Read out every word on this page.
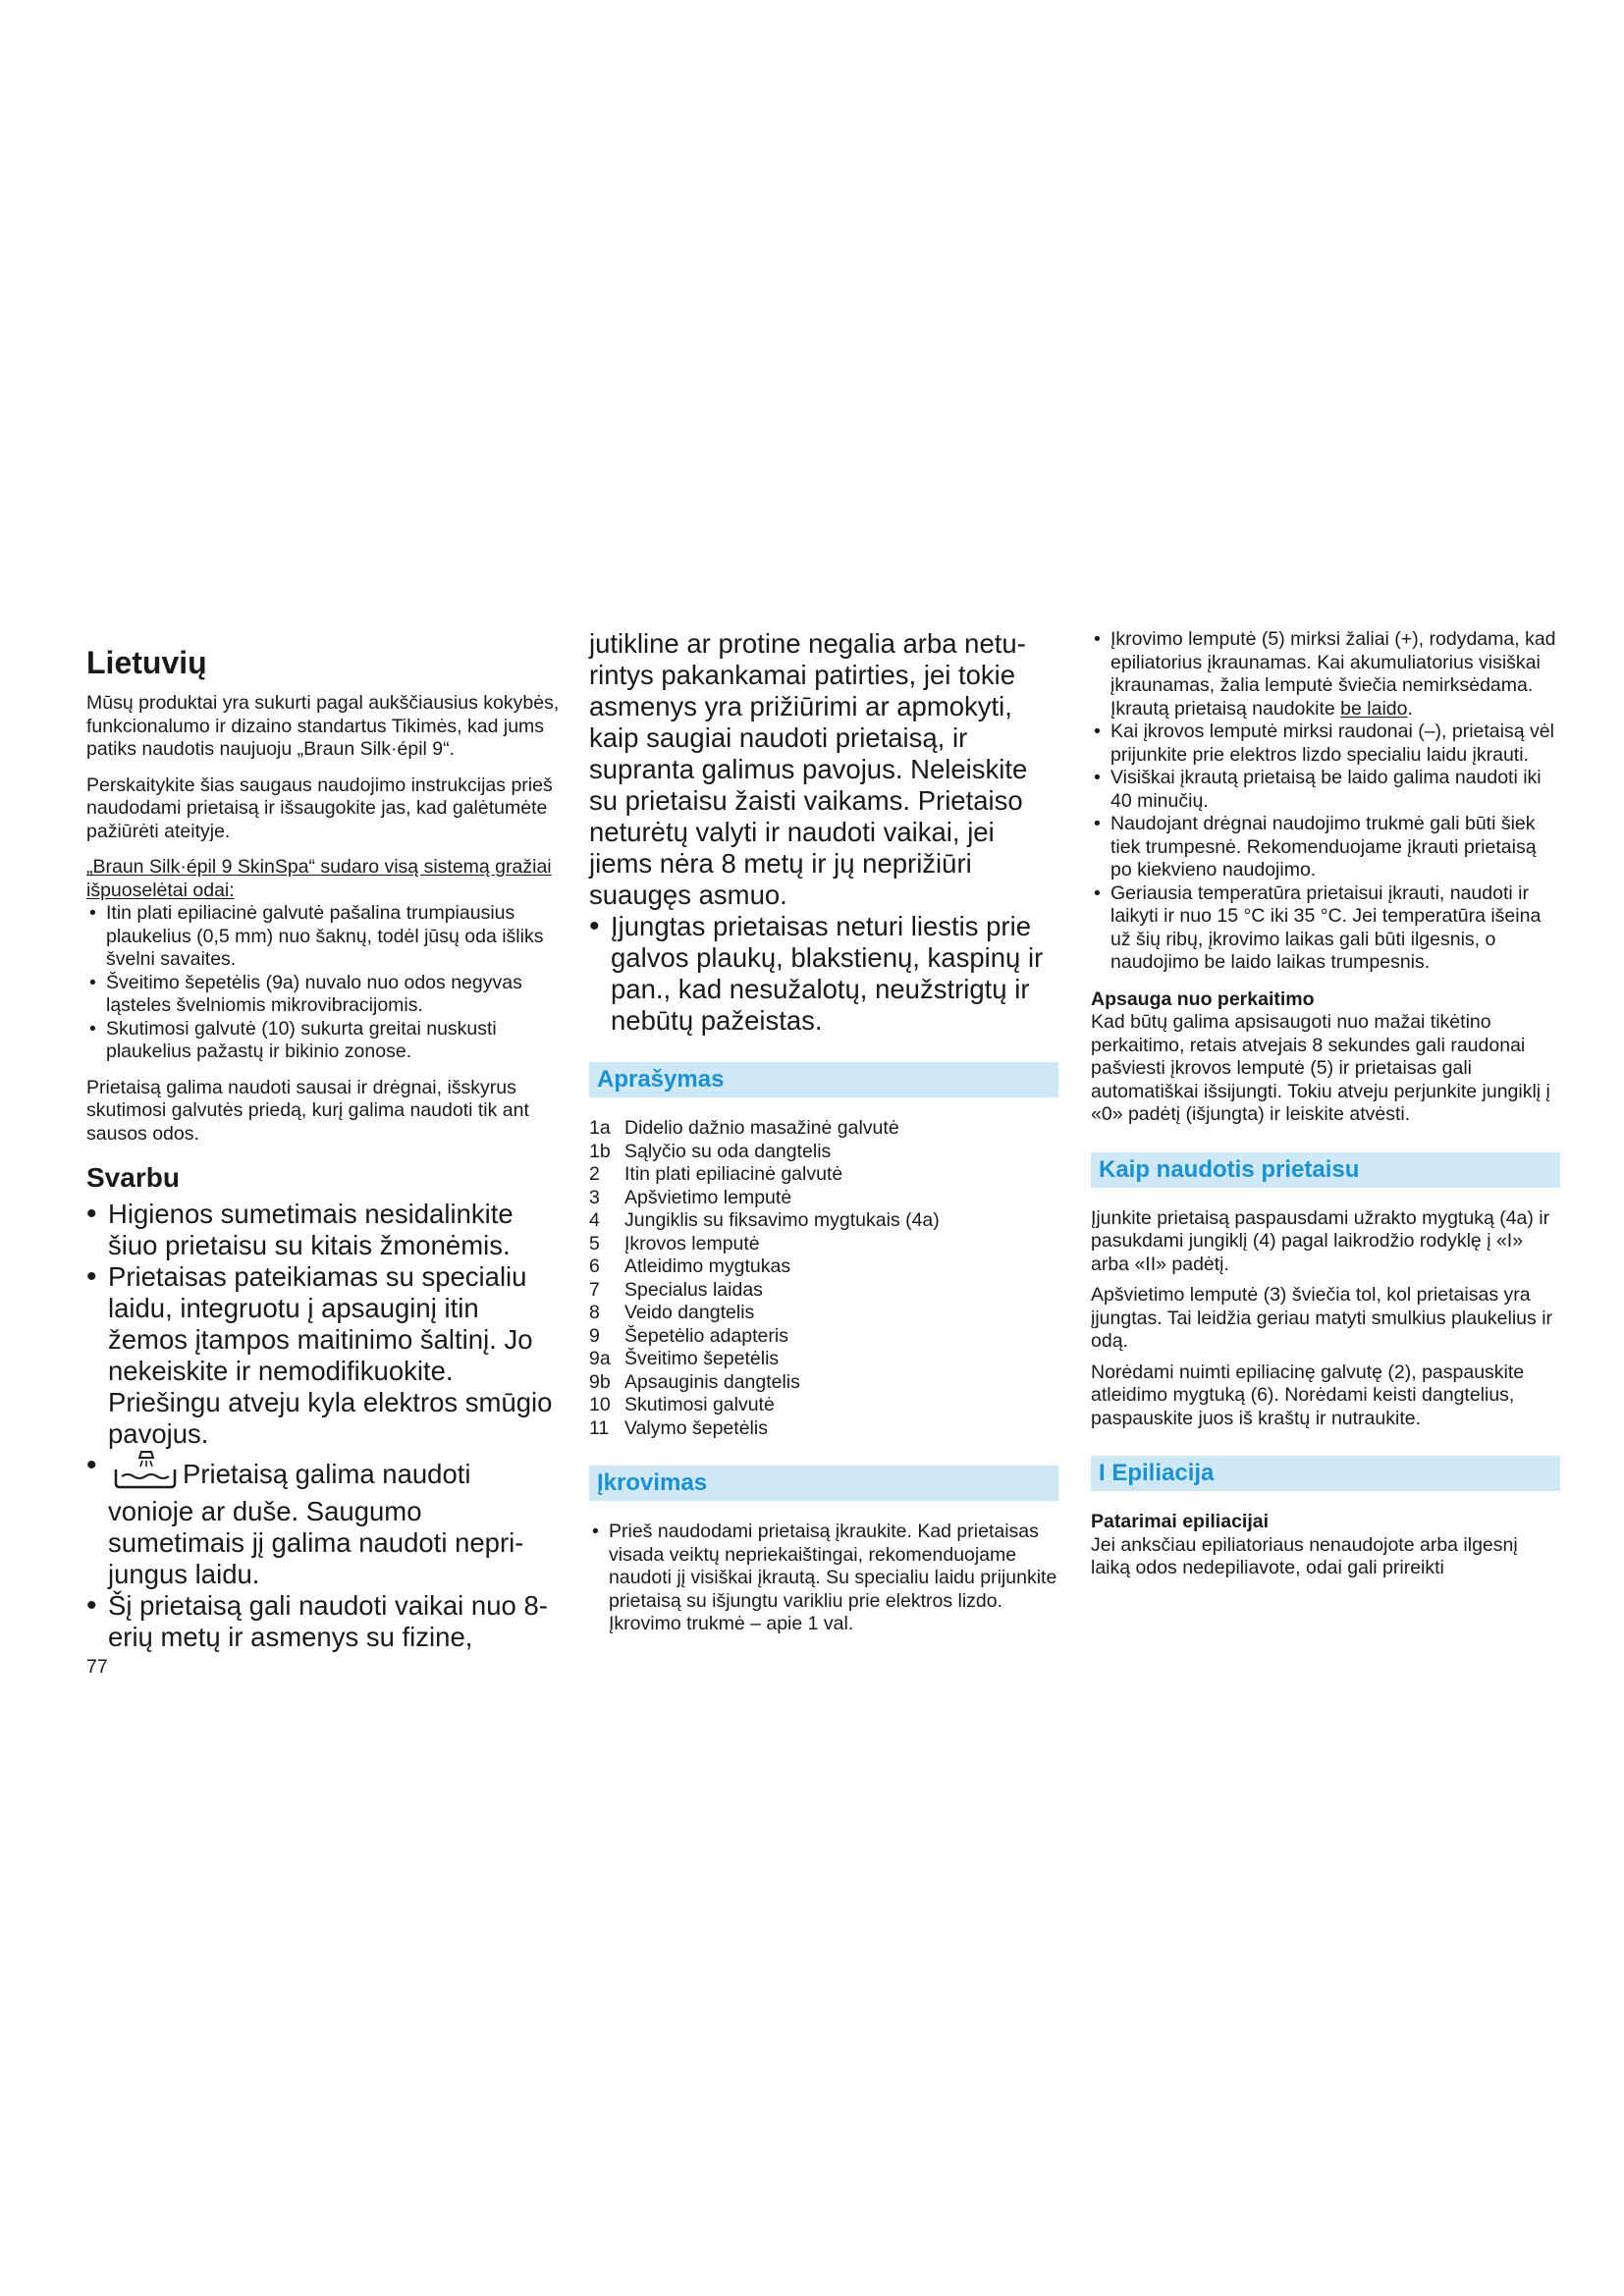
Lietuvių

Mūsų produktai yra sukurti pagal aukščiausius kokybės, funkcionalumo ir dizaino standartus Tikimės, kad jums patiks naudotis naujuoju „Braun Silk·épil 9“.

Perskaitykite šias saugaus naudojimo instrukcijas prieš naudodami prietaisą ir išsaugokite jas, kad galėtumėte pažiūrėti ateityje.

„Braun Silk·épil 9 SkinSpa“ sudaro visą sistemą gražiai išpuoselėtai odai:

• Itin plati epiliacinė galvutė pašalina trumpiausius plaukelius (0,5 mm) nuo šaknų, todėl jūsų oda išliks švelni savaites.
• Šveitimo šepetėlis (9a) nuvalo nuo odos negyvas ląsteles švelniomis mikrovibracijomis.
• Skutimosi galvutė (10) sukurta greitai nuskusti plaukelius pažastų ir bikinio zonose.

Prietaisą galima naudoti sausai ir drėgnai, išskyrus skutimosi galvutės priedą, kurį galima naudoti tik ant sausos odos.

Svarbu
• Higienos sumetimais nesidalinkite šiuo prietaisu su kitais žmonėmis.
• Prietaisas pateikiamas su specialiu laidu, integruotu į apsauginį itin žemos įtampos maitinimo šaltinį. Jo nekeiskite ir nemodifikuokite. Priešingu atveju kyla elektros smūgio pavojus.
• Prietaisą galima naudoti vonioje ar duše. Saugumo sumetimais jį galima naudoti neprijungus laidu.
• Šį prietaisą gali naudoti vaikai nuo 8-erių metų ir asmenys su fizine,
77

jutikline ar protine negalia arba neturintys pakankamai patirties, jei tokie asmenys yra prižiūrimi ar apmokyti, kaip saugiai naudoti prietaisą, ir supranta galimus pavojus. Neleiskite su prietaisu žaisti vaikams. Prietaiso neturėtų valyti ir naudoti vaikai, jei jiems nėra 8 metų ir jų neprižiūri suaugęs asmuo.

• Įjungtas prietaisas neturi liestis prie galvos plaukų, blakstienų, kaspinų ir pan., kad nesužalotų, neužstrigtų ir nebūtų pažeistas.
Aprašymas
1a Didelio dažnio masažinė galvutė
1b Sąlyčio su oda dangtelis
2	Itin plati epiliacinė galvutė
3	Apšvietimo lemputė
4	Jungiklis su fiksavimo mygtukais (4a)
5	Įkrovos lemputė
6	Atleidimo mygtukas
7	Specialus laidas
8	Veido dangtelis
9	Šepetėlio adapteris
9a Šveitimo šepetėlis
9b Apsauginis dangtelis
10 Skutimosi galvutė
11 Valymo šepetėlis
Įkrovimas
• Prieš naudodami prietaisą įkraukite. Kad prietaisas visada veiktų nepriekaištingai, rekomenduojame naudoti jį visiškai įkrautą. Su specialiu laidu prijunkite prietaisą su išjungtu varikliu prie elektros lizdo. Įkrovimo trukmė – apie 1 val.
• Įkrovimo lemputė (5) mirksi žaliai (+), rodydama, kad epiliatorius įkraunamas. Kai akumuliatorius visiškai įkraunamas, žalia lemputė šviečia nemirksėdama. Įkrautą prietaisą naudokite be laido.
• Kai įkrovos lemputė mirksi raudonai (–), prietaisą vėl prijunkite prie elektros lizdo specialiu laidu įkrauti.
• Visiškai įkrautą prietaisą be laido galima naudoti iki 40 minučių.
• Naudojant drėgnai naudojimo trukmė gali būti šiek tiek trumpesnė. Rekomenduojame įkrauti prietaisą po kiekvieno naudojimo.
• Geriausia temperatūra prietaisui įkrauti, naudoti ir laikyti ir nuo 15 °C iki 35 °C. Jei temperatūra išeina už šių ribų, įkrovimo laikas gali būti ilgesnis, o naudojimo be laido laikas trumpesnis.
Apsauga nuo perkaitimo

Kad būtų galima apsisaugoti nuo mažai tikėtino perkaitimo, retais atvejais 8 sekundes gali raudonai pašviesti įkrovos lemputė (5) ir prietaisas gali automatiškai išsijungti. Tokiu atveju perjunkite jungiklį į «0» padėtį (išjungta) ir leiskite atvėsti.

Kaip naudotis prietaisu

Įjunkite prietaisą paspausdami užrakto mygtuką (4a) ir pasukdami jungiklį (4) pagal laikrodžio rodyklę į «I» arba «II» padėtį.

Apšvietimo lemputė (3) šviečia tol, kol prietaisas yra įjungtas. Tai leidžia geriau matyti smulkius plaukelius ir odą.

Norėdami nuimti epiliacinę galvutę (2), paspauskite atleidimo mygtuką (6). Norėdami keisti dangtelius, paspauskite juos iš kraštų ir nutraukite.

I Epiliacija
Patarimai epiliacijai

Jei anksčiau epiliatoriaus nenaudojote arba ilgesnį laiką odos nedepiliavote, odai gali prireikti
